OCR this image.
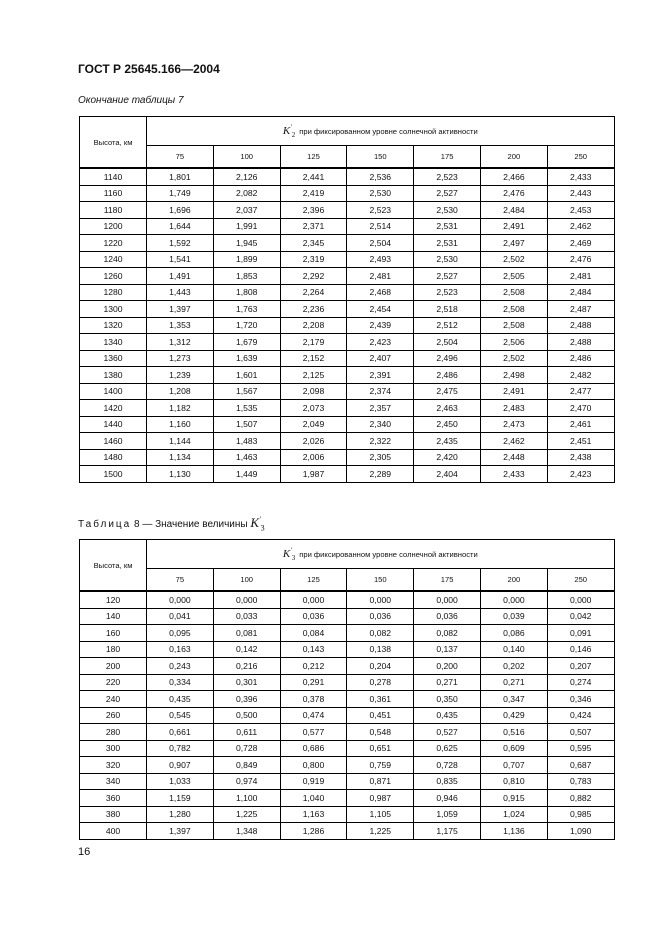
ГОСТ Р 25645.166—2004
Окончание таблицы 7
Высота, км	$K'_2$ при фиксированном уровне солнечной активности						
	75	100	125	150	175	200	250
1140	1,801	2,126	2,441	2,536	2,523	2,466	2,433
1160	1,749	2,082	2,419	2,530	2,527	2,476	2,443
1180	1,696	2,037	2,396	2,523	2,530	2,484	2,453
1200	1,644	1,991	2,371	2,514	2,531	2,491	2,462
1220	1,592	1,945	2,345	2,504	2,531	2,497	2,469
1240	1,541	1,899	2,319	2,493	2,530	2,502	2,476
1260	1,491	1,853	2,292	2,481	2,527	2,505	2,481
1280	1,443	1,808	2,264	2,468	2,523	2,508	2,484
1300	1,397	1,763	2,236	2,454	2,518	2,508	2,487
1320	1,353	1,720	2,208	2,439	2,512	2,508	2,488
1340	1,312	1,679	2,179	2,423	2,504	2,506	2,488
1360	1,273	1,639	2,152	2,407	2,496	2,502	2,486
1380	1,239	1,601	2,125	2,391	2,486	2,498	2,482
1400	1,208	1,567	2,098	2,374	2,475	2,491	2,477
1420	1,182	1,535	2,073	2,357	2,463	2,483	2,470
1440	1,160	1,507	2,049	2,340	2,450	2,473	2,461
1460	1,144	1,483	2,026	2,322	2,435	2,462	2,451
1480	1,134	1,463	2,006	2,305	2,420	2,448	2,438
1500	1,130	1,449	1,987	2,289	2,404	2,433	2,423
Таблица 8 — Значение величины $K'_3$
Высота, км	$K'_3$ при фиксированном уровне солнечной активности						
	75	100	125	150	175	200	250
120	0,000	0,000	0,000	0,000	0,000	0,000	0,000
140	0,041	0,033	0,036	0,036	0,036	0,039	0,042
160	0,095	0,081	0,084	0,082	0,082	0,086	0,091
180	0,163	0,142	0,143	0,138	0,137	0,140	0,146
200	0,243	0,216	0,212	0,204	0,200	0,202	0,207
220	0,334	0,301	0,291	0,278	0,271	0,271	0,274
240	0,435	0,396	0,378	0,361	0,350	0,347	0,346
260	0,545	0,500	0,474	0,451	0,435	0,429	0,424
280	0,661	0,611	0,577	0,548	0,527	0,516	0,507
300	0,782	0,728	0,686	0,651	0,625	0,609	0,595
320	0,907	0,849	0,800	0,759	0,728	0,707	0,687
340	1,033	0,974	0,919	0,871	0,835	0,810	0,783
360	1,159	1,100	1,040	0,987	0,946	0,915	0,882
380	1,280	1,225	1,163	1,105	1,059	1,024	0,985
400	1,397	1,348	1,286	1,225	1,175	1,136	1,090
16
